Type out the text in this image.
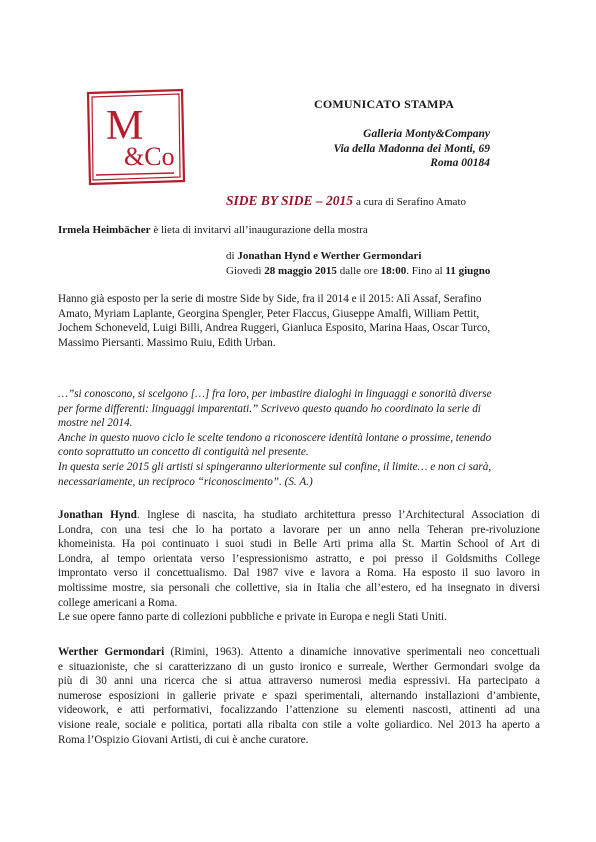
M
&Co
COMUNICATO STAMPA
Galleria Monty&Company
Via della Madonna dei Monti, 69
Roma 00184
SIDE BY SIDE – 2015 a cura di Serafino Amato
Irmela Heimbächer è lieta di invitarvi all’inaugurazione della mostra
di Jonathan Hynd e Werther Germondari
Giovedì 28 maggio 2015 dalle ore 18:00. Fino al 11 giugno
Hanno già esposto per la serie di mostre Side by Side, fra il 2014 e il 2015: Alì Assaf, Serafino
Amato, Myriam Laplante, Georgina Spengler, Peter Flaccus, Giuseppe Amalfi, William Pettit,
Jochem Schoneveld, Luigi Billi, Andrea Ruggeri, Gianluca Esposito, Marina Haas, Oscar Turco,
Massimo Piersanti. Massimo Ruiu, Edith Urban.
…”si conoscono, si scelgono […] fra loro, per imbastire dialoghi in linguaggi e sonorità diverse
per forme differenti: linguaggi imparentati.” Scrivevo questo quando ho coordinato la serie di
mostre nel 2014.
Anche in questo nuovo ciclo le scelte tendono a riconoscere identità lontane o prossime, tenendo
conto soprattutto un concetto di contiguità nel presente.
In questa serie 2015 gli artisti si spingeranno ulteriormente sul confine, il limite… e non ci sarà,
necessariamente, un reciproco “riconoscimento”. (S. A.)
Jonathan Hynd. Inglese di nascita, ha studiato architettura presso l’Architectural Association di
Londra, con una tesi che lo ha portato a lavorare per un anno nella Teheran pre-rivoluzione
khomeinista. Ha poi continuato i suoi studi in Belle Arti prima alla St. Martin School of Art di
Londra, al tempo orientata verso l’espressionismo astratto, e poi presso il Goldsmiths College
improntato verso il concettualismo. Dal 1987 vive e lavora a Roma. Ha esposto il suo lavoro in
moltissime mostre, sia personali che collettive, sia in Italia che all’estero, ed ha insegnato in diversi
college americani a Roma.
Le sue opere fanno parte di collezioni pubbliche e private in Europa e negli Stati Uniti.
Werther Germondari (Rimini, 1963). Attento a dinamiche innovative sperimentali neo concettuali
e situazioniste, che si caratterizzano di un gusto ironico e surreale, Werther Germondari svolge da
più di 30 anni una ricerca che si attua attraverso numerosi media espressivi. Ha partecipato a
numerose esposizioni in gallerie private e spazi sperimentali, alternando installazioni d’ambiente,
videowork, e atti performativi, focalizzando l’attenzione su elementi nascosti, attinenti ad una
visione reale, sociale e politica, portati alla ribalta con stile a volte goliardico. Nel 2013 ha aperto a
Roma l’Ospizio Giovani Artisti, di cui è anche curatore.
